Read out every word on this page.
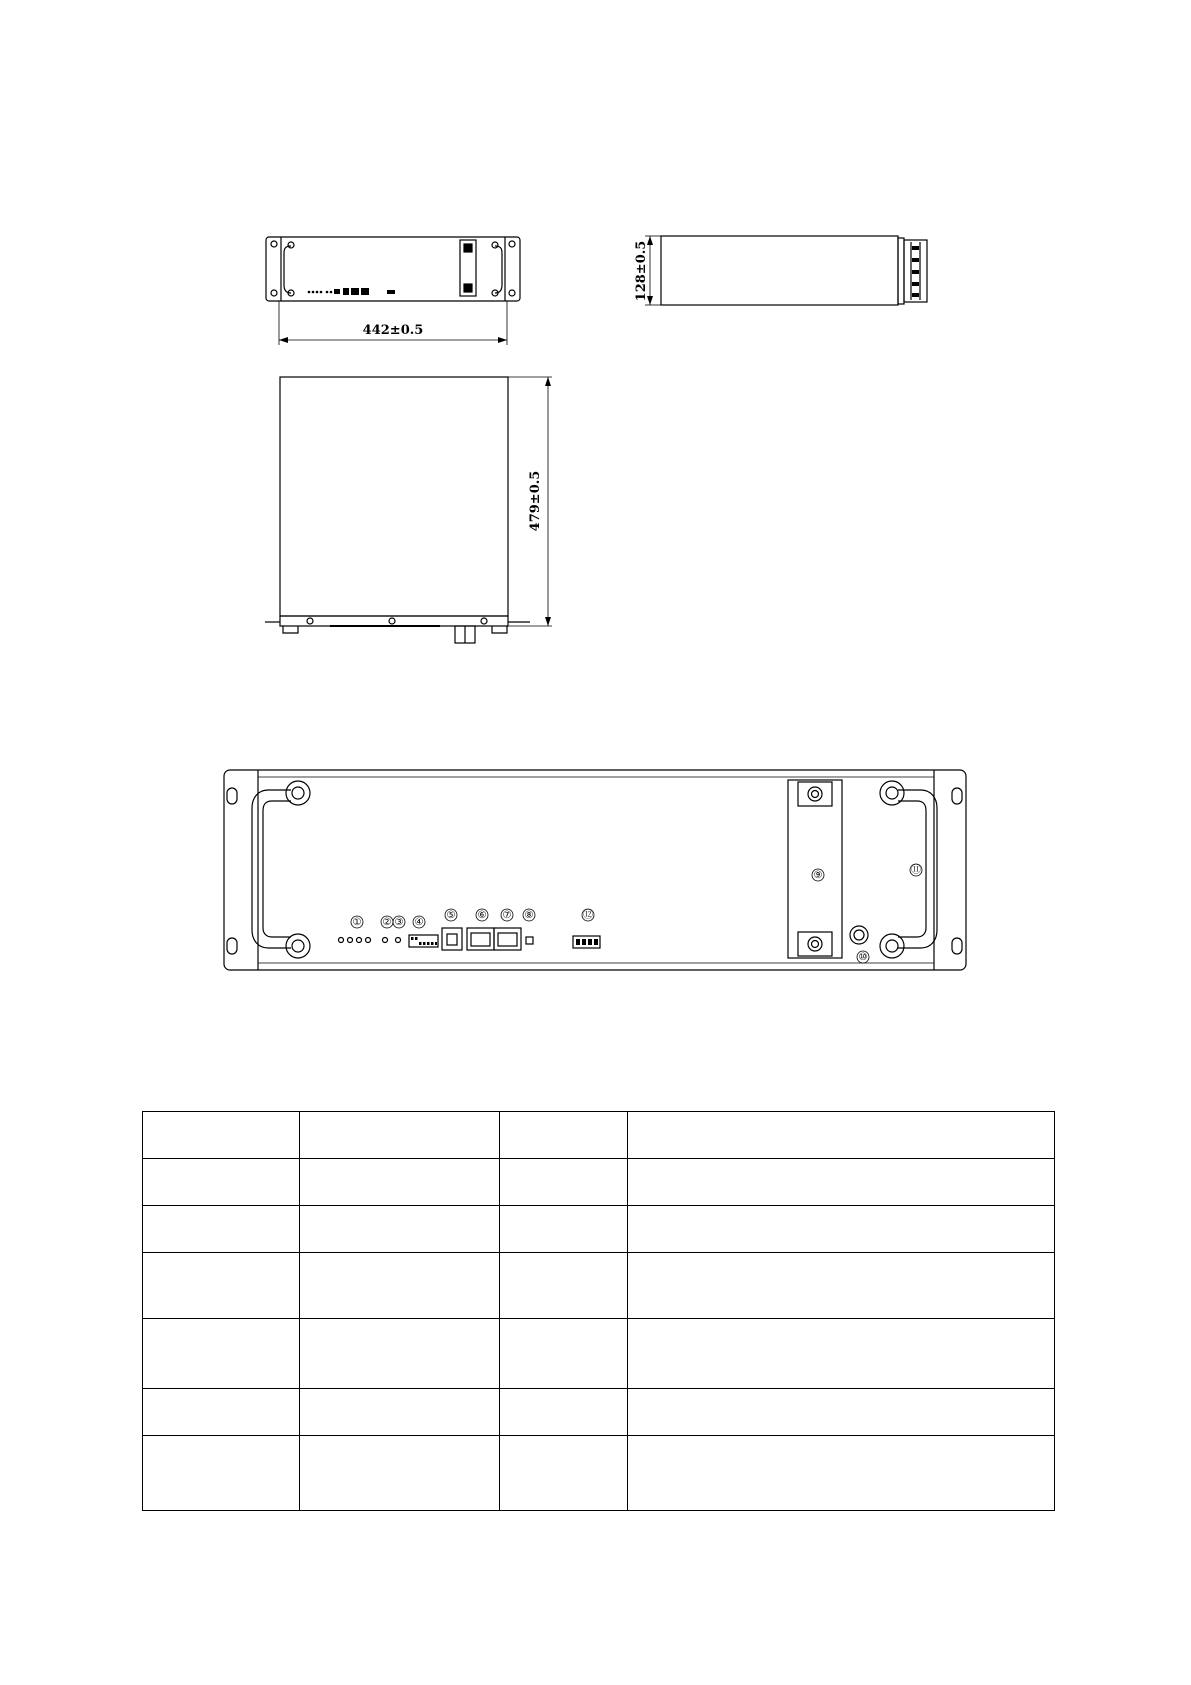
442±0.5
128±0.5
479±0.5
① ② ③ ④
⑤ ⑥ ⑦ ⑧
⑨
⑩
⑪
⑫
